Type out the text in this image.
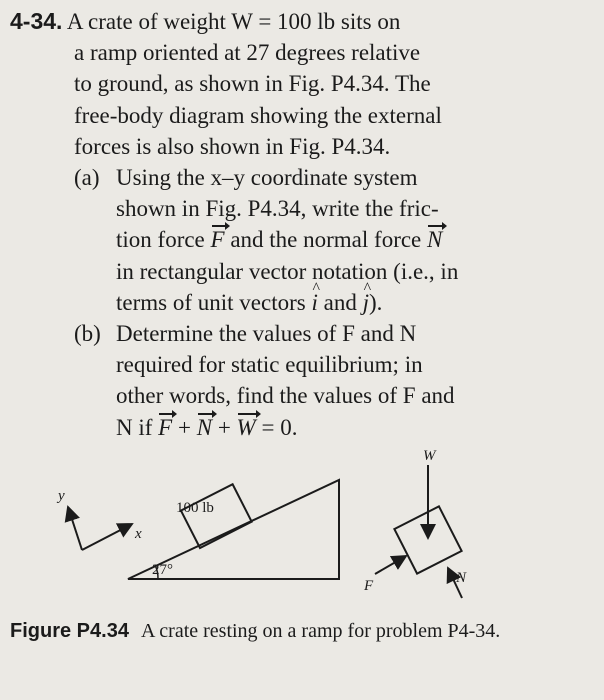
4-34. A crate of weight W = 100 lb sits on
a ramp oriented at 27 degrees relative
to ground, as shown in Fig. P4.34. The
free-body diagram showing the external
forces is also shown in Fig. P4.34.
(a) Using the x–y coordinate system
shown in Fig. P4.34, write the fric-
tion force F and the normal force N
in rectangular vector notation (i.e., in
terms of unit vectors i ^ and j ^).
(b) Determine the values of F and N
required for static equilibrium; in
other words, find the values of F and
N if F + N + W = 0.
100 lb
27°
y
x
W
F	N
Figure P4.34 A crate resting on a ramp for problem P4-34.
